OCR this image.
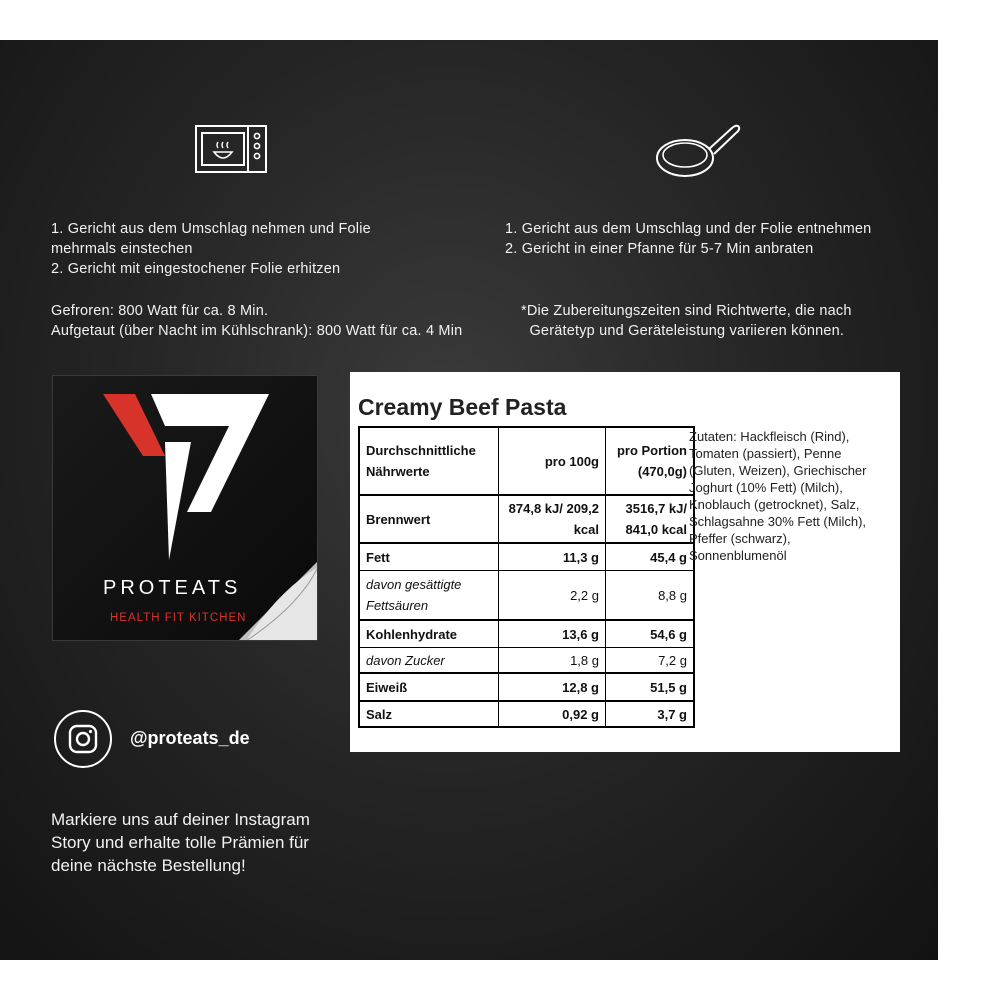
1. Gericht aus dem Umschlag nehmen und Folie
mehrmals einstechen
2. Gericht mit eingestochener Folie erhitzen
Gefroren: 800 Watt für ca. 8 Min.
Aufgetaut (über Nacht im Kühlschrank): 800 Watt für ca. 4 Min
1. Gericht aus dem Umschlag und der Folie entnehmen
2. Gericht in einer Pfanne für 5-7 Min anbraten
*Die Zubereitungszeiten sind Richtwerte, die nach
Gerätetyp und Geräteleistung variieren können.
PROTEATS
HEALTH FIT KITCHEN
@proteats_de
Markiere uns auf deiner Instagram
Story und erhalte tolle Prämien für
deine nächste Bestellung!
Creamy Beef Pasta
Durchschnittliche Nährwerte	pro 100g	pro Portion (470,0g)
Brennwert	874,8 kJ/ 209,2 kcal	3516,7 kJ/ 841,0 kcal
Fett	11,3 g	45,4 g
davon gesättigte Fettsäuren	2,2 g	8,8 g
Kohlenhydrate	13,6 g	54,6 g
davon Zucker	1,8 g	7,2 g
Eiweiß	12,8 g	51,5 g
Salz	0,92 g	3,7 g
Zutaten: Hackfleisch (Rind),
Tomaten (passiert), Penne
(Gluten, Weizen), Griechischer
Joghurt (10% Fett) (Milch),
Knoblauch (getrocknet), Salz,
Schlagsahne 30% Fett (Milch),
Pfeffer (schwarz),
Sonnenblumenöl
